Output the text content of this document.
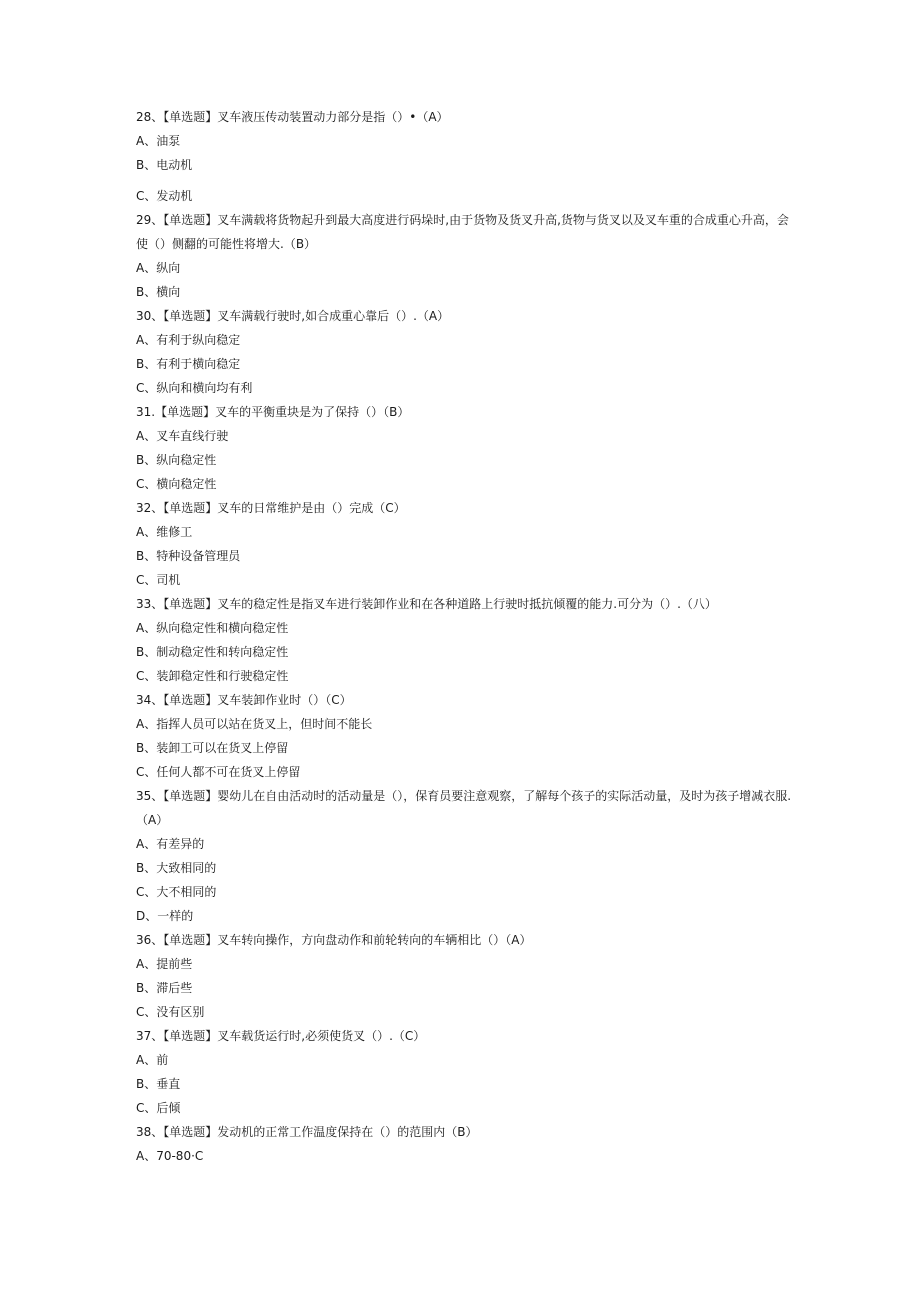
28、【单选题】叉车液压传动装置动力部分是指（）•（A）
A、油泵
B、电动机
C、发动机
29、【单选题】叉车满载将货物起升到最大高度进行码垛时,由于货物及货叉升高,货物与货叉以及叉车重的合成重心升高，会使（）侧翻的可能性将增大.（B）
A、纵向
B、横向
30、【单选题】叉车满载行驶时,如合成重心靠后（）.（A）
A、有利于纵向稳定
B、有利于横向稳定
C、纵向和横向均有利
31.【单选题】叉车的平衡重块是为了保持（）（B）
A、叉车直线行驶
B、纵向稳定性
C、横向稳定性
32、【单选题】叉车的日常维护是由（）完成（C）
A、维修工
B、特种设备管理员
C、司机
33、【单选题】叉车的稳定性是指叉车进行装卸作业和在各种道路上行驶时抵抗倾覆的能力.可分为（）.（八）
A、纵向稳定性和横向稳定性
B、制动稳定性和转向稳定性
C、装卸稳定性和行驶稳定性
34、【单选题】叉车装卸作业时（）（C）
A、指挥人员可以站在货叉上，但时间不能长
B、装卸工可以在货叉上停留
C、任何人都不可在货叉上停留
35、【单选题】婴幼儿在自由活动时的活动量是（），保育员要注意观察，了解每个孩子的实际活动量，及时为孩子增减衣服.（A）
A、有差异的
B、大致相同的
C、大不相同的
D、一样的
36、【单选题】叉车转向操作，方向盘动作和前轮转向的车辆相比（）（A）
A、提前些
B、滞后些
C、没有区别
37、【单选题】叉车载货运行时,必须使货叉（）.（C）
A、前
B、垂直
C、后倾
38、【单选题】发动机的正常工作温度保持在（）的范围内（B）
A、70-80·C
